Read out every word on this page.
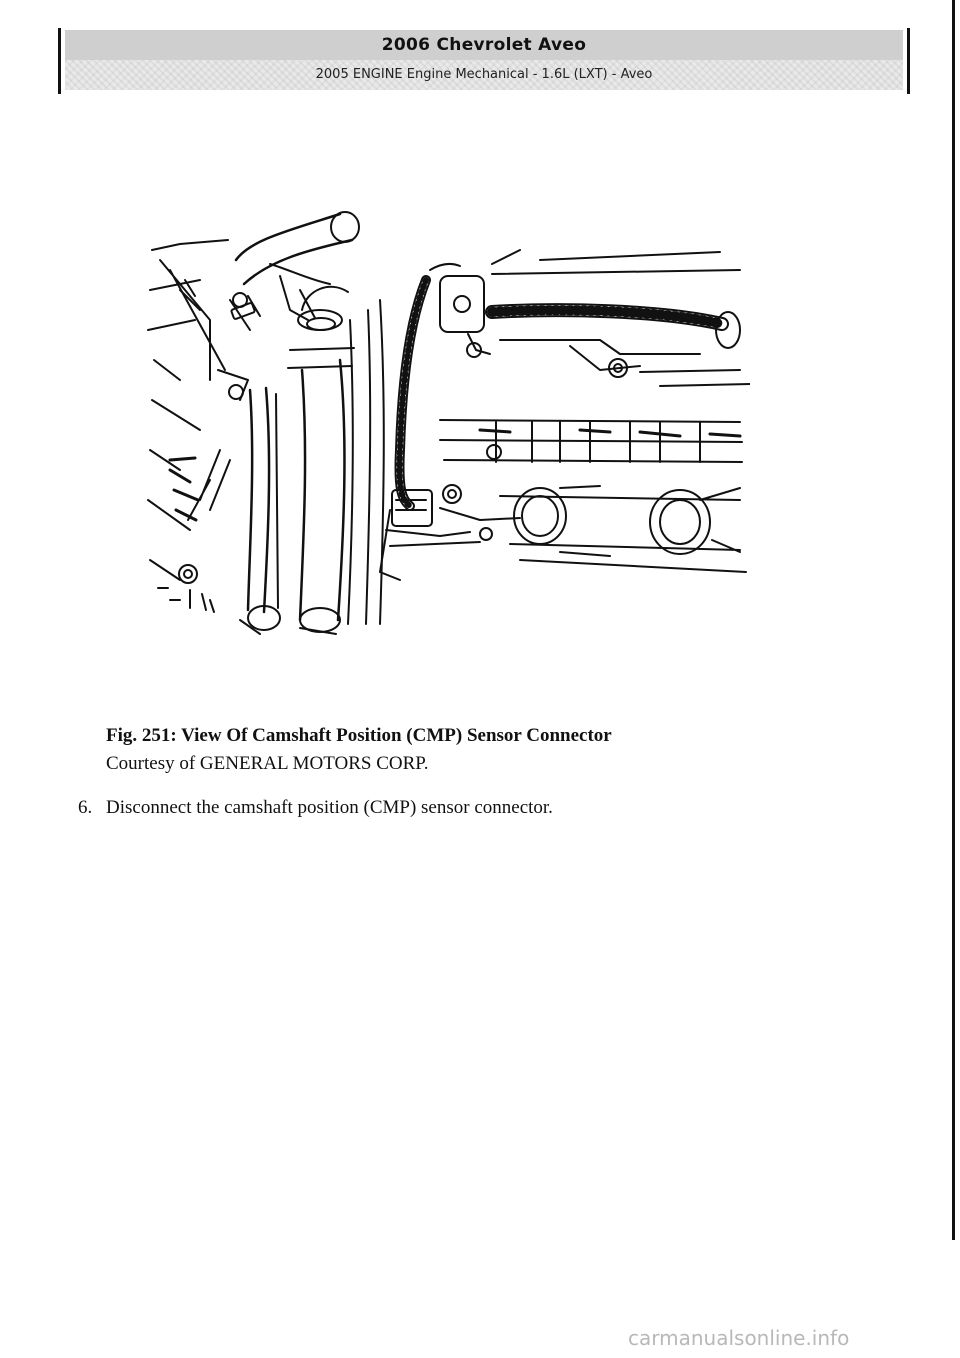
2006 Chevrolet Aveo
2005 ENGINE Engine Mechanical - 1.6L (LXT) - Aveo
Fig. 251: View Of Camshaft Position (CMP) Sensor Connector
Courtesy of GENERAL MOTORS CORP.
6. Disconnect the camshaft position (CMP) sensor connector.
carmanualsonline.info
